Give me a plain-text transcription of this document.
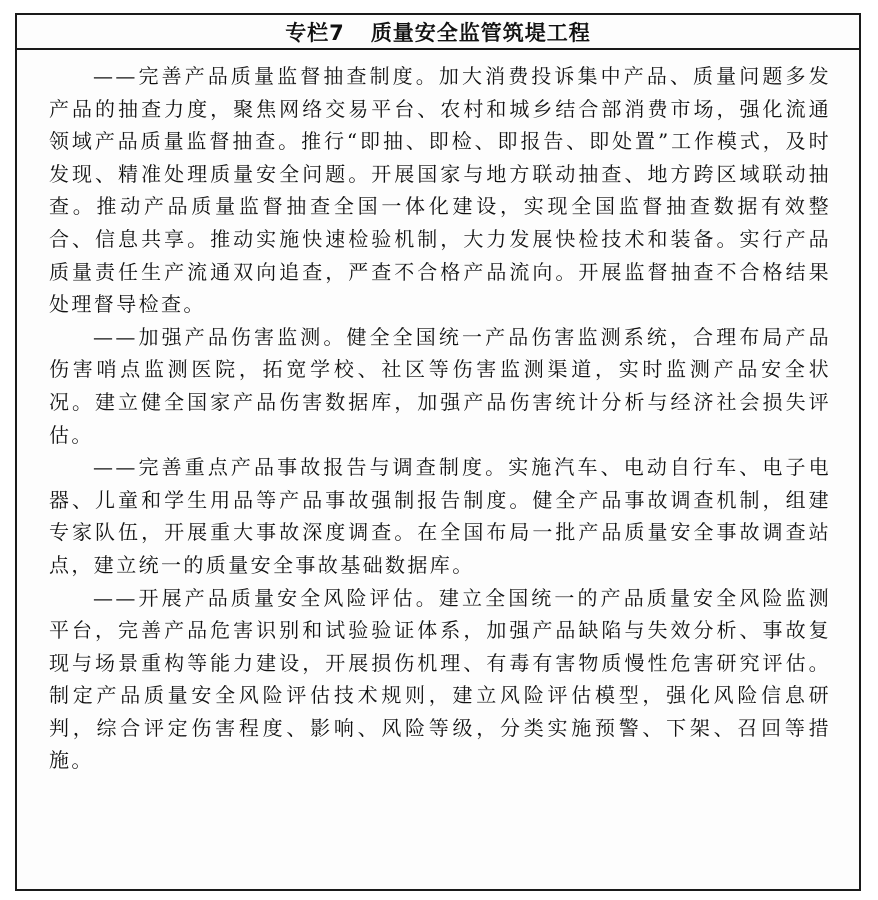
专栏7 质量安全监管筑堤工程

——完善产品质量监督抽查制度。加大消费投诉集中产品、质量问题多发产品的抽查力度，聚焦网络交易平台、农村和城乡结合部消费市场，强化流通领域产品质量监督抽查。推行“即抽、即检、即报告、即处置”工作模式，及时发现、精准处理质量安全问题。开展国家与地方联动抽查、地方跨区域联动抽查。推动产品质量监督抽查全国一体化建设，实现全国监督抽查数据有效整合、信息共享。推动实施快速检验机制，大力发展快检技术和装备。实行产品质量责任生产流通双向追查，严查不合格产品流向。开展监督抽查不合格结果处理督导检查。

——加强产品伤害监测。健全全国统一产品伤害监测系统，合理布局产品伤害哨点监测医院，拓宽学校、社区等伤害监测渠道，实时监测产品安全状况。建立健全国家产品伤害数据库，加强产品伤害统计分析与经济社会损失评估。

——完善重点产品事故报告与调查制度。实施汽车、电动自行车、电子电器、儿童和学生用品等产品事故强制报告制度。健全产品事故调查机制，组建专家队伍，开展重大事故深度调查。在全国布局一批产品质量安全事故调查站点，建立统一的质量安全事故基础数据库。

——开展产品质量安全风险评估。建立全国统一的产品质量安全风险监测平台，完善产品危害识别和试验验证体系，加强产品缺陷与失效分析、事故复现与场景重构等能力建设，开展损伤机理、有毒有害物质慢性危害研究评估。制定产品质量安全风险评估技术规则，建立风险评估模型，强化风险信息研判，综合评定伤害程度、影响、风险等级，分类实施预警、下架、召回等措施。
